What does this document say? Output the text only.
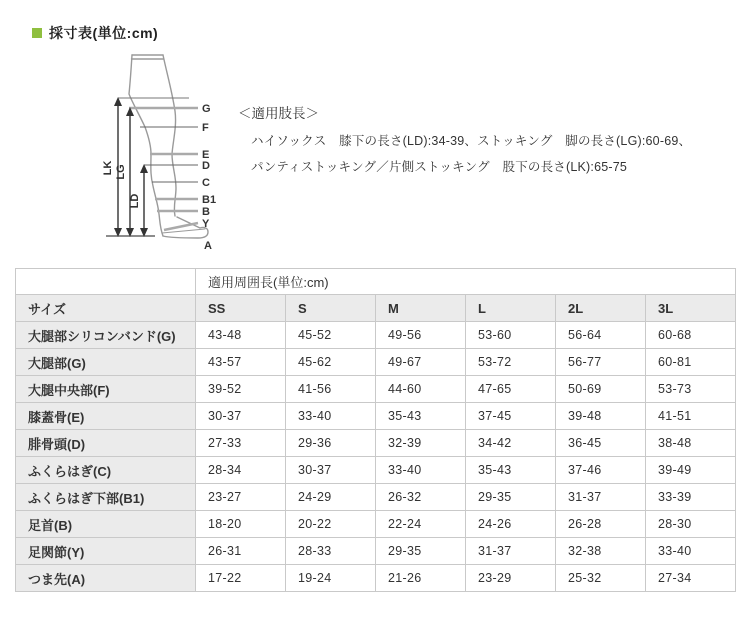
採寸表(単位:cm)
LK LG
LD
G
F
E
D
C
B1
B
Y
A
＜適用肢長＞
ハイソックス　膝下の長さ(LD):34-39、ストッキング　脚の長さ(LG):60-69、
パンティストッキング／片側ストッキング　股下の長さ(LK):65-75
	適用周囲長(単位:cm)					
サイズ	SS	S	M	L	2L	3L
大腿部シリコンバンド(G)	43-48	45-52	49-56	53-60	56-64	60-68
大腿部(G)	43-57	45-62	49-67	53-72	56-77	60-81
大腿中央部(F)	39-52	41-56	44-60	47-65	50-69	53-73
膝蓋骨(E)	30-37	33-40	35-43	37-45	39-48	41-51
腓骨頭(D)	27-33	29-36	32-39	34-42	36-45	38-48
ふくらはぎ(C)	28-34	30-37	33-40	35-43	37-46	39-49
ふくらはぎ下部(B1)	23-27	24-29	26-32	29-35	31-37	33-39
足首(B)	18-20	20-22	22-24	24-26	26-28	28-30
足関節(Y)	26-31	28-33	29-35	31-37	32-38	33-40
つま先(A)	17-22	19-24	21-26	23-29	25-32	27-34
